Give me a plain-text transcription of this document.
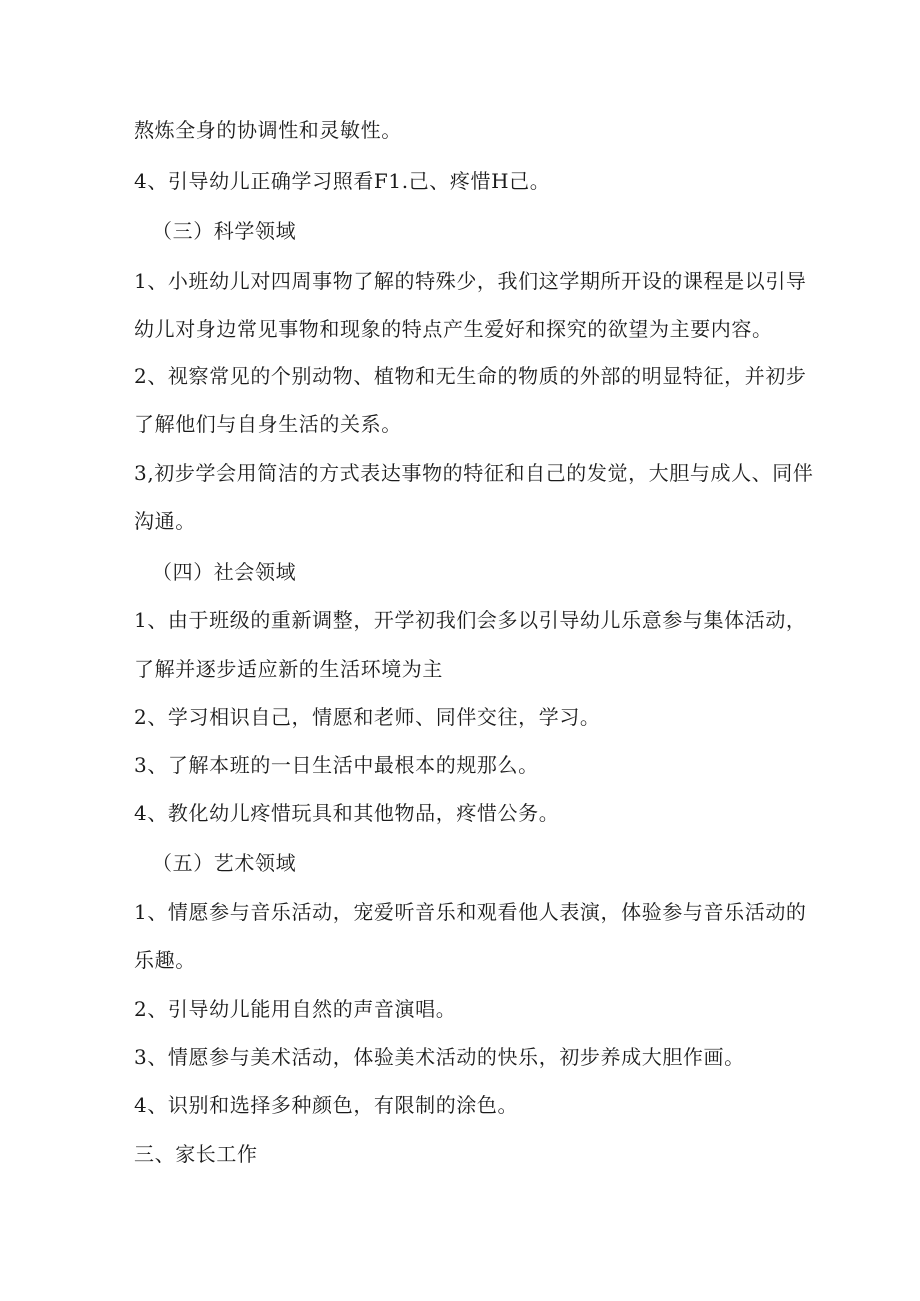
熬炼全身的协调性和灵敏性。
4、引导幼儿正确学习照看F1.己、疼惜H己。
（三）科学领域
1、小班幼儿对四周事物了解的特殊少，我们这学期所开设的课程是以引导
幼儿对身边常见事物和现象的特点产生爱好和探究的欲望为主要内容。
2、视察常见的个别动物、植物和无生命的物质的外部的明显特征，并初步
了解他们与自身生活的关系。
3,初步学会用简洁的方式表达事物的特征和自己的发觉，大胆与成人、同伴
沟通。
（四）社会领域
1、由于班级的重新调整，开学初我们会多以引导幼儿乐意参与集体活动，
了解并逐步适应新的生活环境为主
2、学习相识自己，情愿和老师、同伴交往，学习。
3、了解本班的一日生活中最根本的规那么。
4、教化幼儿疼惜玩具和其他物品，疼惜公务。
（五）艺术领域
1、情愿参与音乐活动，宠爱听音乐和观看他人表演，体验参与音乐活动的
乐趣。
2、引导幼儿能用自然的声音演唱。
3、情愿参与美术活动，体验美术活动的快乐，初步养成大胆作画。
4、识别和选择多种颜色，有限制的涂色。
三、家长工作
